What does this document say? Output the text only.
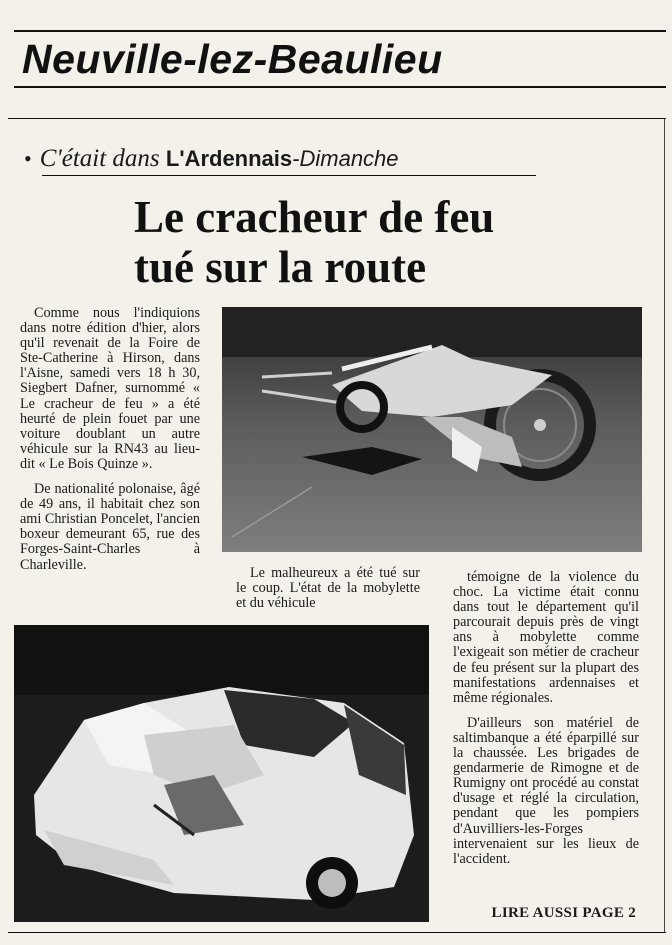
Neuville-lez-Beaulieu
• C'était dans L'Ardennais-Dimanche
Le cracheur de feu
tué sur la route

Comme nous l'indiquions dans notre édition d'hier, alors qu'il revenait de la Foire de Ste-Catherine à Hirson, dans l'Aisne, samedi vers 18 h 30, Siegbert Dafner, surnommé « Le cracheur de feu » a été heurté de plein fouet par une voiture doublant un autre véhicule sur la RN43 au lieu-dit « Le Bois Quinze ».

De nationalité polonaise, âgé de 49 ans, il habitait chez son ami Christian Poncelet, l'ancien boxeur demeurant 65, rue des Forges-Saint-Charles à Charleville.

Le malheureux a été tué sur le coup. L'état de la mobylette et du véhicule

témoigne de la violence du choc. La victime était connu dans tout le département qu'il parcourait depuis près de vingt ans à mobylette comme l'exigeait son métier de cracheur de feu présent sur la plupart des manifestations ardennaises et même régionales.

D'ailleurs son matériel de saltimbanque a été éparpillé sur la chaussée. Les brigades de gendarmerie de Rimogne et de Rumigny ont procédé au constat d'usage et réglé la circulation, pendant que les pompiers d'Auvilliers-les-Forges intervenaient sur les lieux de l'accident.

LIRE AUSSI PAGE 2
